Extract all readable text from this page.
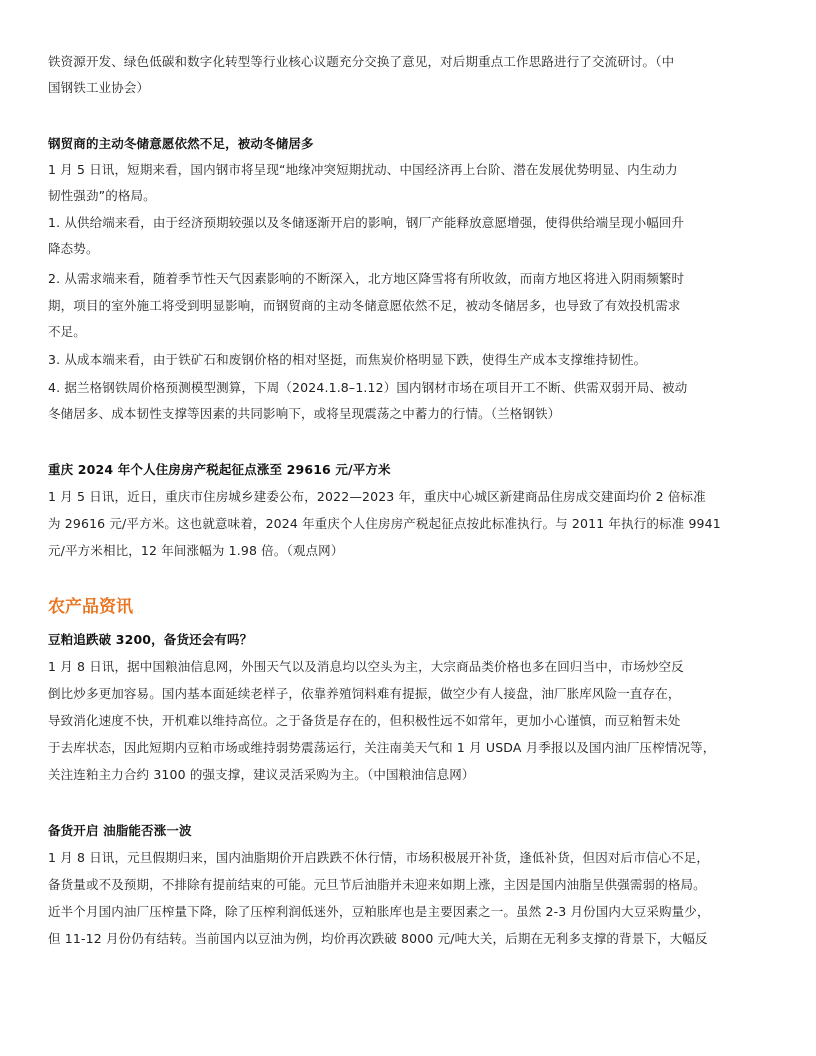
铁资源开发、绿色低碳和数字化转型等行业核心议题充分交换了意见，对后期重点工作思路进行了交流研讨。（中
国钢铁工业协会）
钢贸商的主动冬储意愿依然不足，被动冬储居多
1 月 5 日讯，短期来看，国内钢市将呈现“地缘冲突短期扰动、中国经济再上台阶、潜在发展优势明显、内生动力
韧性强劲”的格局。
1. 从供给端来看，由于经济预期较强以及冬储逐渐开启的影响，钢厂产能释放意愿增强，使得供给端呈现小幅回升
降态势。
2. 从需求端来看，随着季节性天气因素影响的不断深入，北方地区降雪将有所收敛，而南方地区将进入阴雨频繁时
期，项目的室外施工将受到明显影响，而钢贸商的主动冬储意愿依然不足，被动冬储居多，也导致了有效投机需求
不足。
3. 从成本端来看，由于铁矿石和废钢价格的相对坚挺，而焦炭价格明显下跌，使得生产成本支撑维持韧性。
4. 据兰格钢铁周价格预测模型测算，下周（2024.1.8–1.12）国内钢材市场在项目开工不断、供需双弱开局、被动
冬储居多、成本韧性支撑等因素的共同影响下，或将呈现震荡之中蓄力的行情。（兰格钢铁）
重庆 2024 年个人住房房产税起征点涨至 29616 元/平方米
1 月 5 日讯，近日，重庆市住房城乡建委公布，2022—2023 年，重庆中心城区新建商品住房成交建面均价 2 倍标准
为 29616 元/平方米。这也就意味着，2024 年重庆个人住房房产税起征点按此标准执行。与 2011 年执行的标准 9941
元/平方米相比，12 年间涨幅为 1.98 倍。（观点网）
农产品资讯
豆粕追跌破 3200，备货还会有吗？
1 月 8 日讯，据中国粮油信息网，外围天气以及消息均以空头为主，大宗商品类价格也多在回归当中，市场炒空反
倒比炒多更加容易。国内基本面延续老样子，依靠养殖饲料难有提振，做空少有人接盘，油厂胀库风险一直存在，
导致消化速度不快，开机难以维持高位。之于备货是存在的，但积极性远不如常年，更加小心谨慎，而豆粕暂未处
于去库状态，因此短期内豆粕市场或维持弱势震荡运行，关注南美天气和 1 月 USDA 月季报以及国内油厂压榨情况等，
关注连粕主力合约 3100 的强支撑，建议灵活采购为主。（中国粮油信息网）
备货开启 油脂能否涨一波
1 月 8 日讯，元旦假期归来，国内油脂期价开启跌跌不休行情，市场积极展开补货，逢低补货，但因对后市信心不足，
备货量或不及预期，不排除有提前结束的可能。元旦节后油脂并未迎来如期上涨，主因是国内油脂呈供强需弱的格局。
近半个月国内油厂压榨量下降，除了压榨利润低迷外，豆粕胀库也是主要因素之一。虽然 2-3 月份国内大豆采购量少，
但 11-12 月份仍有结转。当前国内以豆油为例，均价再次跌破 8000 元/吨大关，后期在无利多支撑的背景下，大幅反
